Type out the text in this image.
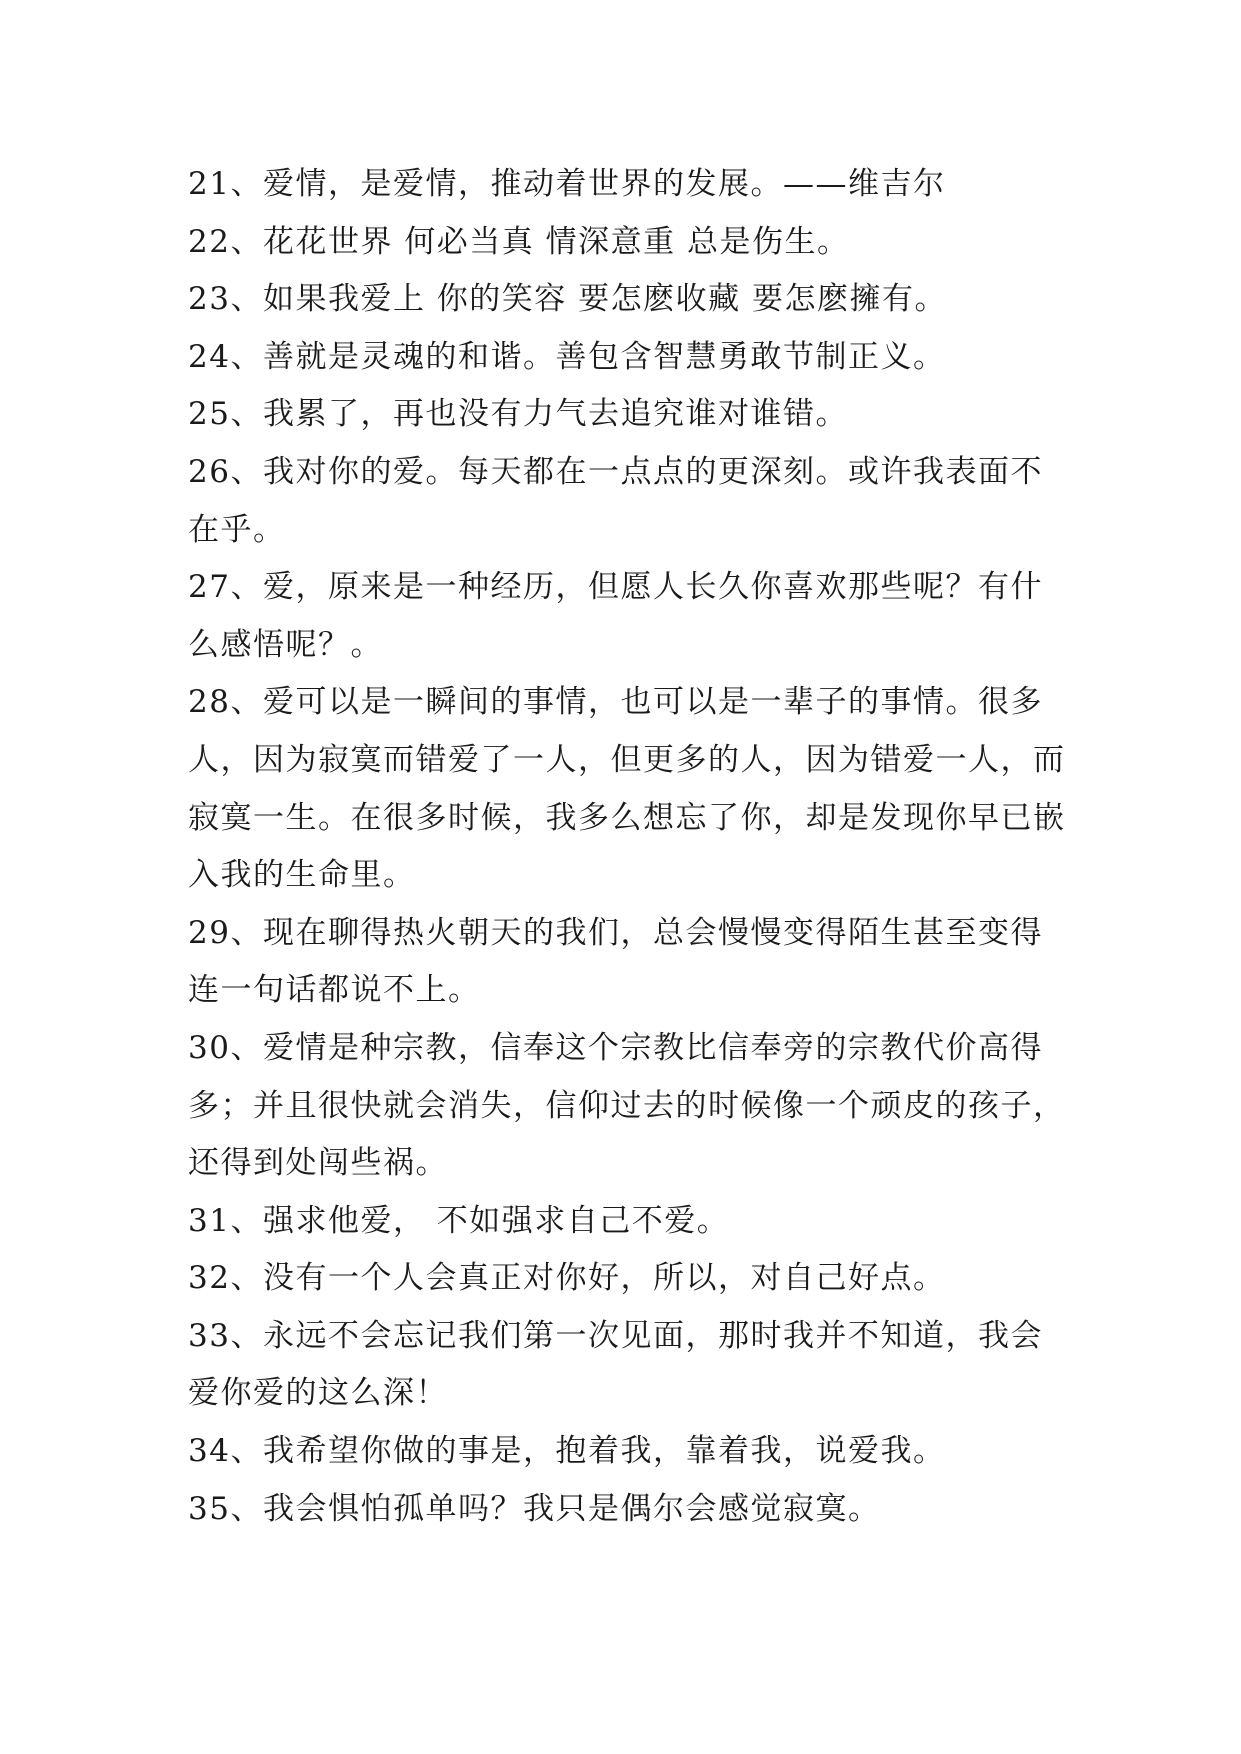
21、爱情，是爱情，推动着世界的发展。——维吉尔

22、花花世界 何必当真 情深意重 总是伤生。

23、如果我爱上 你的笑容 要怎麽收藏 要怎麽擁有。

24、善就是灵魂的和谐。善包含智慧勇敢节制正义。

25、我累了，再也没有力气去追究谁对谁错。

26、我对你的爱。每天都在一点点的更深刻。或许我表面不在乎。

27、爱，原来是一种经历，但愿人长久你喜欢那些呢？有什么感悟呢？。

28、爱可以是一瞬间的事情，也可以是一辈子的事情。很多人，因为寂寞而错爱了一人，但更多的人，因为错爱一人，而寂寞一生。在很多时候，我多么想忘了你，却是发现你早已嵌入我的生命里。

29、现在聊得热火朝天的我们，总会慢慢变得陌生甚至变得连一句话都说不上。

30、爱情是种宗教，信奉这个宗教比信奉旁的宗教代价高得多；并且很快就会消失，信仰过去的时候像一个顽皮的孩子，还得到处闯些祸。

31、强求他爱， 不如强求自己不爱。

32、没有一个人会真正对你好，所以，对自己好点。

33、永远不会忘记我们第一次见面，那时我并不知道，我会爱你爱的这么深！

34、我希望你做的事是，抱着我，靠着我，说爱我。

35、我会惧怕孤单吗？我只是偶尔会感觉寂寞。
